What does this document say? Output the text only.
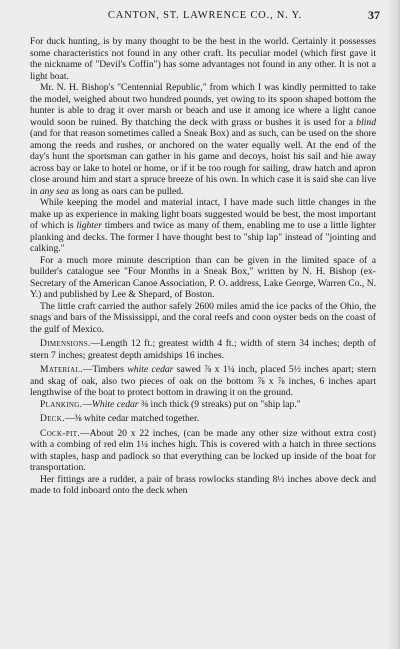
CANTON, ST. LAWRENCE CO., N. Y.	37

For duck hunting, is by many thought to be the best in the world. Certainly it possesses some characteristics not found in any other craft. Its peculiar model (which first gave it the nickname of "Devil's Coffin") has some advantages not found in any other. It is not a light boat.

Mr. N. H. Bishop's "Centennial Republic," from which I was kindly permitted to take the model, weighed about two hundred pounds, yet owing to its spoon shaped bottom the hunter is able to drag it over marsh or beach and use it among ice where a light canoe would soon be ruined. By thatching the deck with grass or bushes it is used for a blind (and for that reason sometimes called a Sneak Box) and as such, can be used on the shore among the reeds and rushes, or anchored on the water equally well. At the end of the day's hunt the sportsman can gather in his game and decoys, hoist his sail and hie away across bay or lake to hotel or home, or if it be too rough for sailing, draw hatch and apron close around him and start a spruce breeze of his own. In which case it is said she can live in any sea as long as oars can be pulled.

While keeping the model and material intact, I have made such little changes in the make up as experience in making light boats suggested would be best, the most important of which is lighter timbers and twice as many of them, enabling me to use a little lighter planking and decks. The former I have thought best to "ship lap" instead of "jointing and calking."

For a much more minute description than can be given in the limited space of a builder's catalogue see "Four Months in a Sneak Box," written by N. H. Bishop (ex-Secretary of the American Canoe Association, P. O. address, Lake George, Warren Co., N. Y.) and published by Lee & Shepard, of Boston.

The little craft carried the author safely 2600 miles amid the ice packs of the Ohio, the snags and bars of the Mississippi, and the coral reefs and coon oyster beds on the coast of the gulf of Mexico.

Dimensions.—Length 12 ft.; greatest width 4 ft.; width of stern 34 inches; depth of stern 7 inches; greatest depth amidships 16 inches.

Material.—Timbers white cedar sawed ⅞ x 1¼ inch, placed 5½ inches apart; stern and skag of oak, also two pieces of oak on the bottom ⅞ x ⅞ inches, 6 inches apart lengthwise of the boat to protect bottom in drawing it on the ground.

Planking.—White cedar ⅜ inch thick (9 streaks) put on "ship lap."

Deck.—⅜ white cedar matched together.

Cock-pit.—About 20 x 22 inches, (can be made any other size without extra cost) with a combing of red elm 1¼ inches high. This is covered with a hatch in three sections with staples, hasp and padlock so that everything can be locked up inside of the boat for transportation.

Her fittings are a rudder, a pair of brass rowlocks standing 8½ inches above deck and made to fold inboard onto the deck when
